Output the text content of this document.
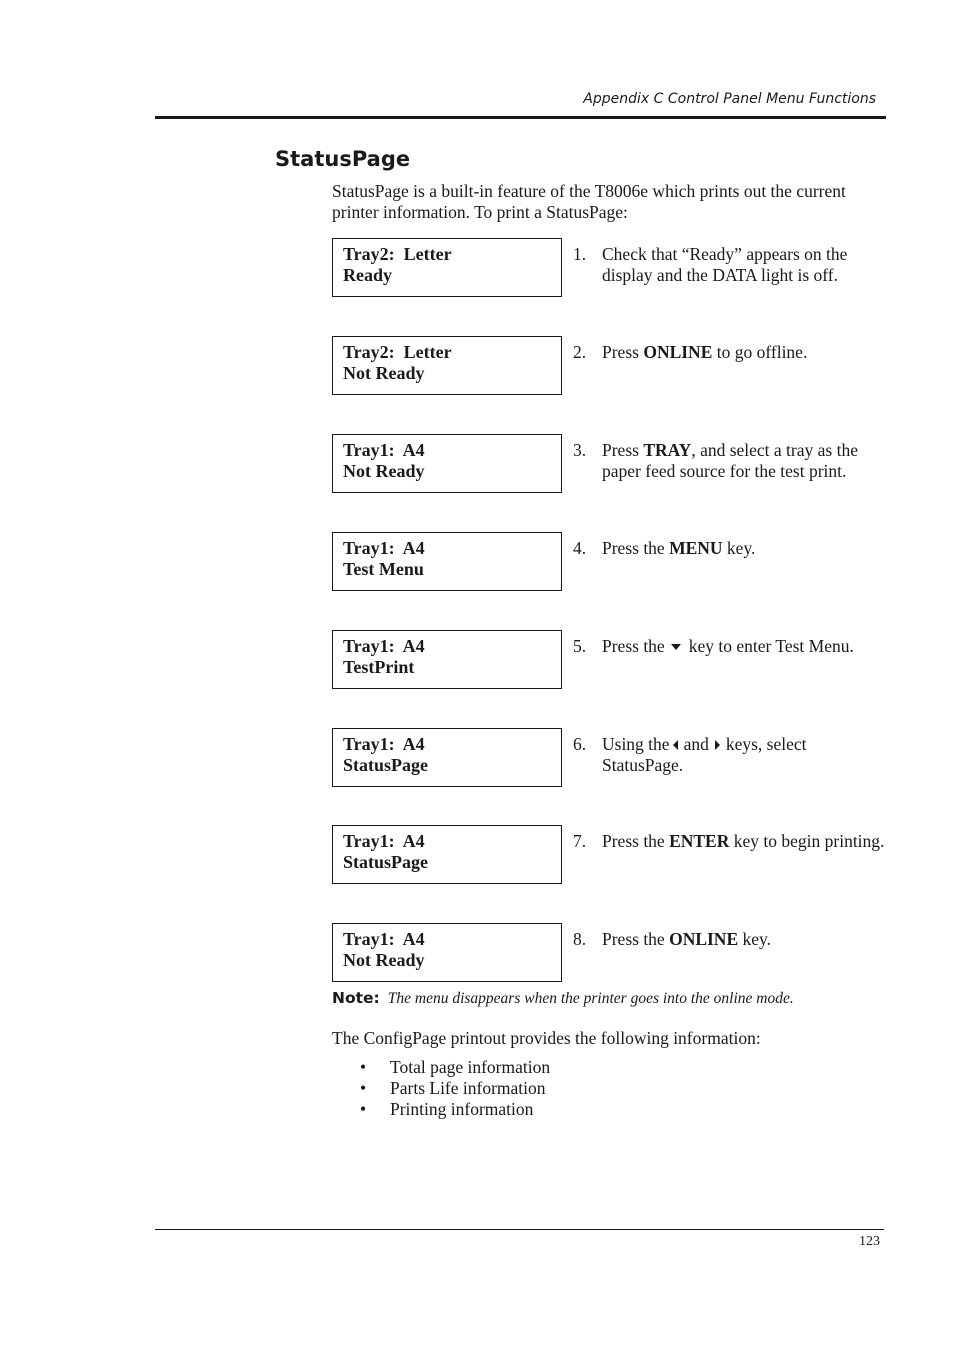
Appendix C Control Panel Menu Functions
StatusPage
StatusPage is a built-in feature of the T8006e which prints out the current printer information. To print a StatusPage:
Tray2:  Letter
Ready
1. Check that “Ready” appears on the display and the DATA light is off.
Tray2:  Letter
Not Ready
2. Press ONLINE to go offline.
Tray1:  A4
Not Ready
3. Press TRAY, and select a tray as the paper feed source for the test print.
Tray1:  A4
Test Menu
4. Press the MENU key.
Tray1:  A4
TestPrint
5. Press the key to enter Test Menu.
Tray1:  A4
StatusPage
6. Using the and keys, select StatusPage.
Tray1:  A4
StatusPage
7. Press the ENTER key to begin printing.
Tray1:  A4
Not Ready
8. Press the ONLINE key.
Note: The menu disappears when the printer goes into the online mode.
The ConfigPage printout provides the following information:
• Total page information
• Parts Life information
• Printing information
123
